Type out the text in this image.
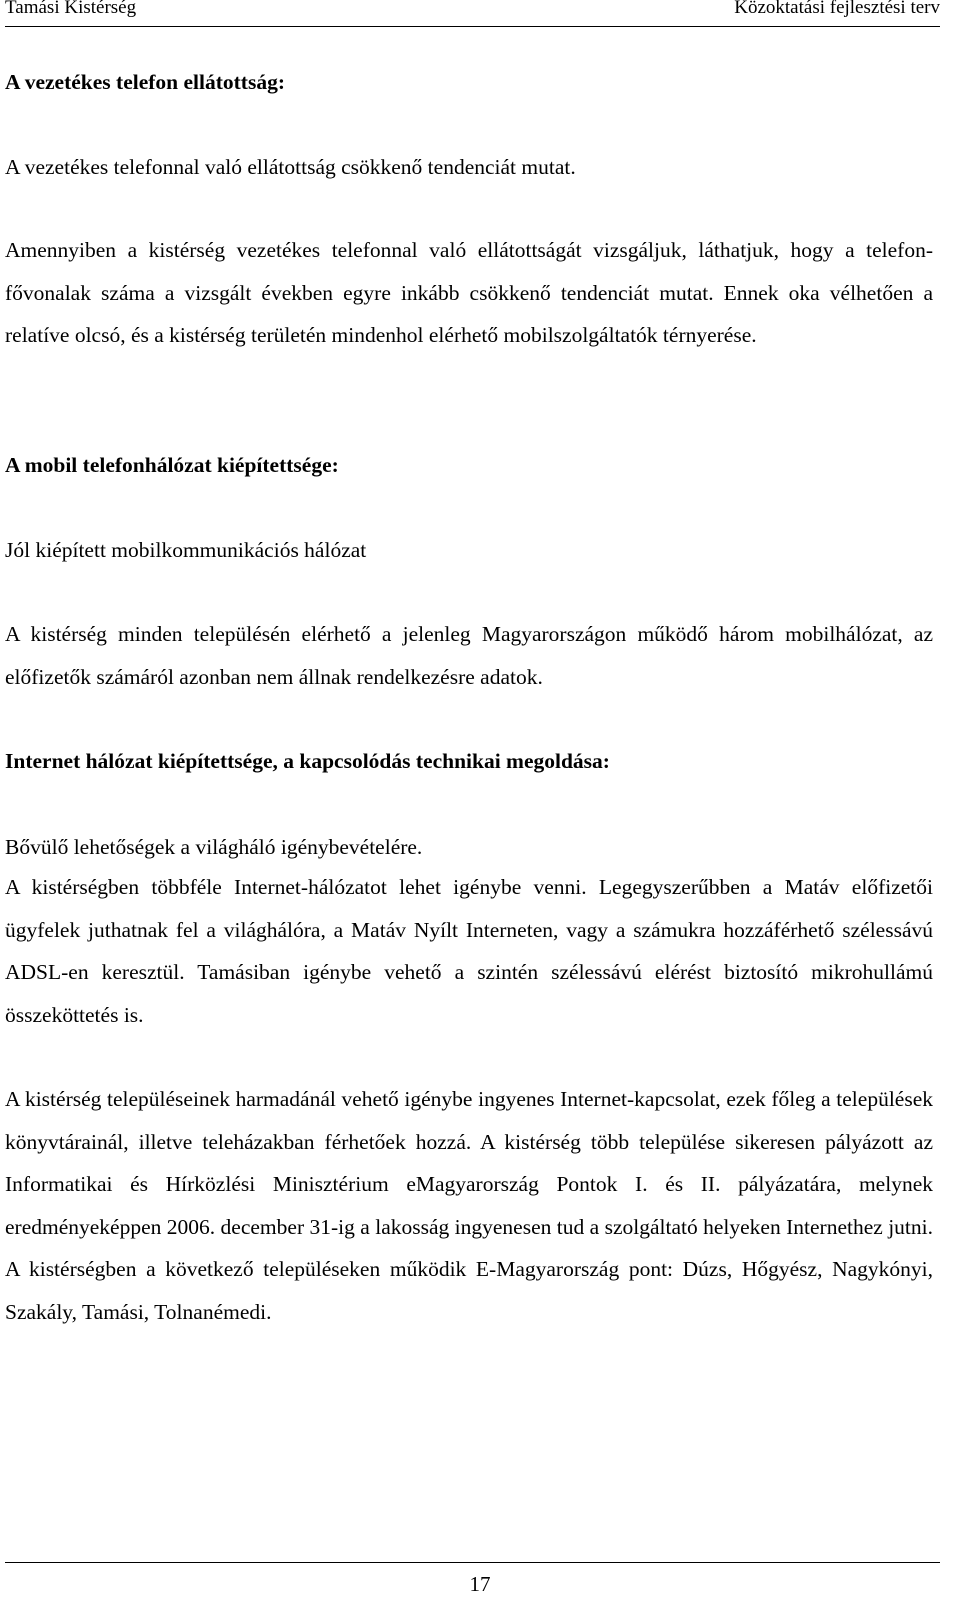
Tamási Kistérség	Közoktatási fejlesztési terv
A vezetékes telefon ellátottság:
A vezetékes telefonnal való ellátottság csökkenő tendenciát mutat.
Amennyiben a kistérség vezetékes telefonnal való ellátottságát vizsgáljuk, láthatjuk, hogy a telefon-fővonalak száma a vizsgált években egyre inkább csökkenő tendenciát mutat. Ennek oka vélhetően a relatíve olcsó, és a kistérség területén mindenhol elérhető mobilszolgáltatók térnyerése.
A mobil telefonhálózat kiépítettsége:
Jól kiépített mobilkommunikációs hálózat
A kistérség minden településén elérhető a jelenleg Magyarországon működő három mobilhálózat, az előfizetők számáról azonban nem állnak rendelkezésre adatok.
Internet hálózat kiépítettsége, a kapcsolódás technikai megoldása:
Bővülő lehetőségek a világháló igénybevételére.
A kistérségben többféle Internet-hálózatot lehet igénybe venni. Legegyszerűbben a Matáv előfizetői ügyfelek juthatnak fel a világhálóra, a Matáv Nyílt Interneten, vagy a számukra hozzáférhető szélessávú ADSL-en keresztül. Tamásiban igénybe vehető a szintén szélessávú elérést biztosító mikrohullámú összeköttetés is.
A kistérség településeinek harmadánál vehető igénybe ingyenes Internet-kapcsolat, ezek főleg a települések könyvtárainál, illetve teleházakban férhetőek hozzá. A kistérség több települése sikeresen pályázott az Informatikai és Hírközlési Minisztérium eMagyarország Pontok I. és II. pályázatára, melynek eredményeképpen 2006. december 31-ig a lakosság ingyenesen tud a szolgáltató helyeken Internethez jutni. A kistérségben a következő településeken működik E-Magyarország pont: Dúzs, Hőgyész, Nagykónyi, Szakály, Tamási, Tolnanémedi.
17
